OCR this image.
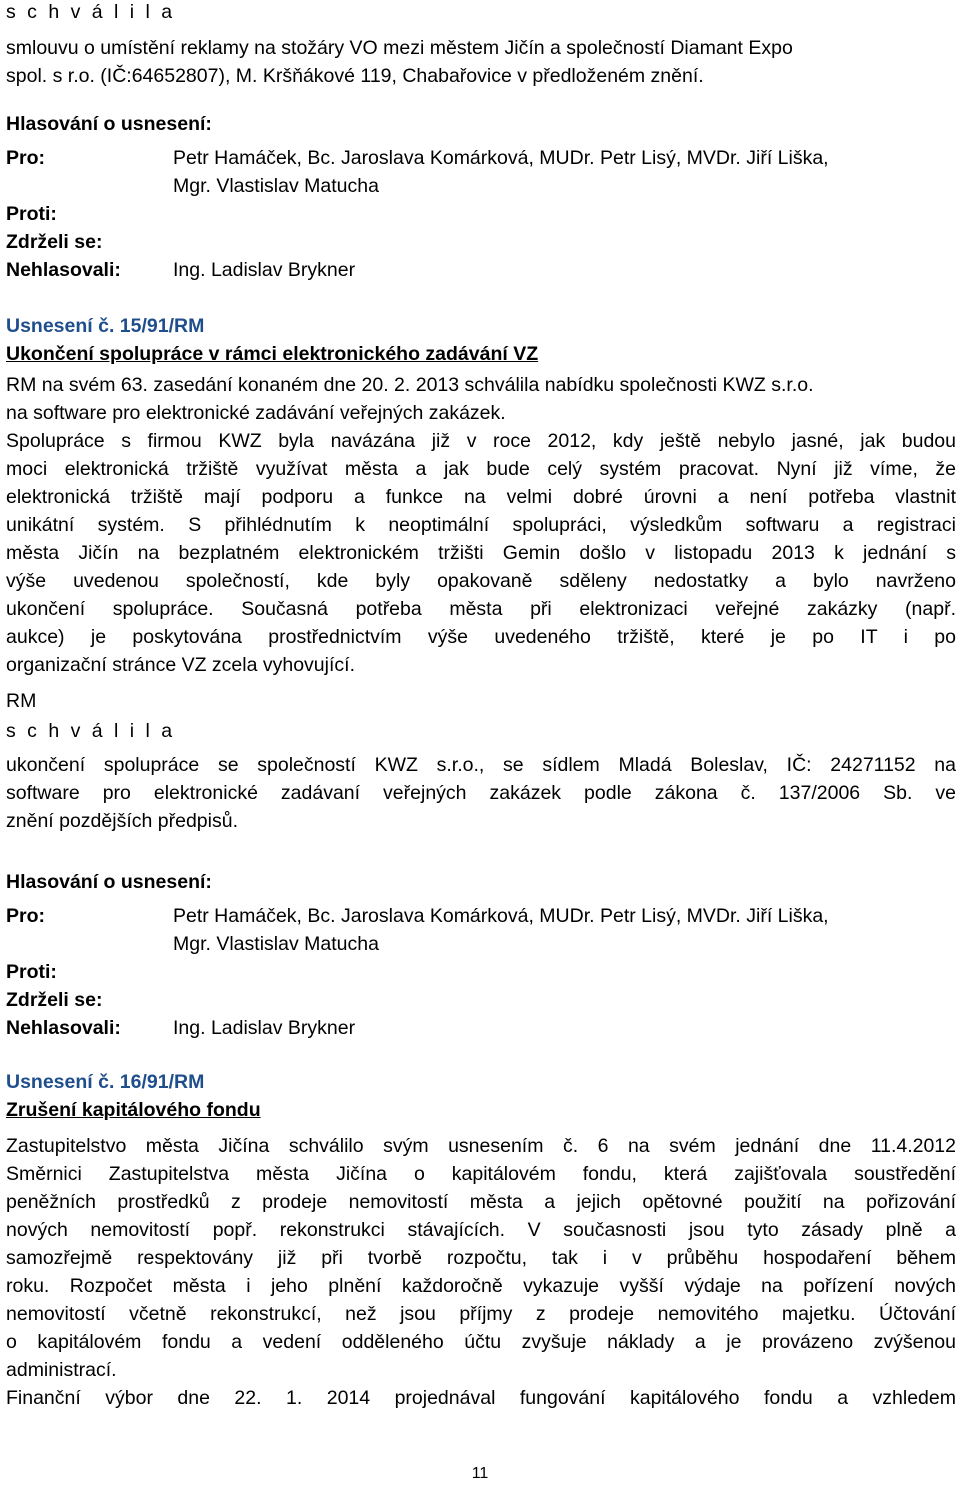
s c h v á l i l a
smlouvu o umístění reklamy na stožáry VO mezi městem Jičín a společností Diamant Expo
spol. s r.o. (IČ:64652807), M. Kršňákové 119, Chabařovice v předloženém znění.
Hlasování o usnesení:
Pro:	Petr Hamáček, Bc. Jaroslava Komárková, MUDr. Petr Lisý, MVDr. Jiří Liška,
Mgr. Vlastislav Matucha
Proti:
Zdrželi se:
Nehlasovali:	Ing. Ladislav Brykner
Usnesení č. 15/91/RM
Ukončení spolupráce v rámci elektronického zadávání VZ
RM na svém 63. zasedání konaném dne 20. 2. 2013 schválila nabídku společnosti KWZ s.r.o.
na software pro elektronické zadávání veřejných zakázek.
Spolupráce s firmou KWZ byla navázána již v roce 2012, kdy ještě nebylo jasné, jak budou
moci elektronická tržiště využívat města a jak bude celý systém pracovat. Nyní již víme, že
elektronická tržiště mají podporu a funkce na velmi dobré úrovni a není potřeba vlastnit
unikátní systém. S přihlédnutím k neoptimální spolupráci, výsledkům softwaru a registraci
města Jičín na bezplatném elektronickém tržišti Gemin došlo v listopadu 2013 k jednání s
výše uvedenou společností, kde byly opakovaně sděleny nedostatky a bylo navrženo
ukončení spolupráce. Současná potřeba města při elektronizaci veřejné zakázky (např.
aukce) je poskytována prostřednictvím výše uvedeného tržiště, které je po IT i po
organizační stránce VZ zcela vyhovující.
RM
s c h v á l i l a
ukončení spolupráce se společností KWZ s.r.o., se sídlem Mladá Boleslav, IČ: 24271152 na
software pro elektronické zadávaní veřejných zakázek podle zákona č. 137/2006 Sb. ve
znění pozdějších předpisů.
Hlasování o usnesení:
Pro:	Petr Hamáček, Bc. Jaroslava Komárková, MUDr. Petr Lisý, MVDr. Jiří Liška,
Mgr. Vlastislav Matucha
Proti:
Zdrželi se:
Nehlasovali:	Ing. Ladislav Brykner
Usnesení č. 16/91/RM
Zrušení kapitálového fondu
Zastupitelstvo města Jičína schválilo svým usnesením č. 6 na svém jednání dne 11.4.2012
Směrnici Zastupitelstva města Jičína o kapitálovém fondu, která zajišťovala soustředění
peněžních prostředků z prodeje nemovitostí města a jejich opětovné použití na pořizování
nových nemovitostí popř. rekonstrukci stávajících. V současnosti jsou tyto zásady plně a
samozřejmě respektovány již při tvorbě rozpočtu, tak i v průběhu hospodaření během
roku. Rozpočet města i jeho plnění každoročně vykazuje vyšší výdaje na pořízení nových
nemovitostí včetně rekonstrukcí, než jsou příjmy z prodeje nemovitého majetku. Účtování
o kapitálovém fondu a vedení odděleného účtu zvyšuje náklady a je provázeno zvýšenou
administrací.
Finanční výbor dne 22. 1. 2014 projednával fungování kapitálového fondu a vzhledem
11
